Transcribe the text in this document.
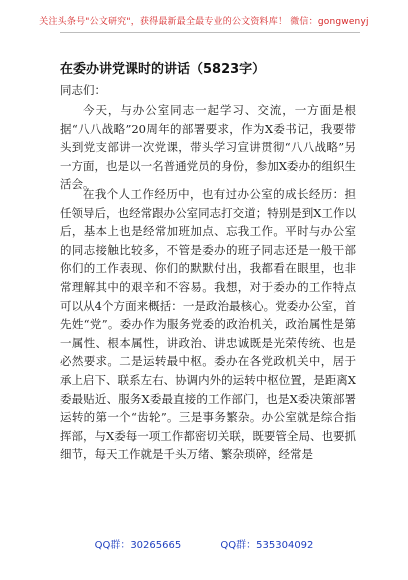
关注头条号"公文研究"，获得最新最全最专业的公文资料库！ 微信：gongwenyj
在委办讲党课时的讲话（5823字）
同志们：

今天，与办公室同志一起学习、交流，一方面是根据“八八战略”20周年的部署要求，作为X委书记，我要带头到党支部讲一次党课，带头学习宣讲贯彻“八八战略”另一方面，也是以一名普通党员的身份，参加X委办的组织生活会。

在我个人工作经历中，也有过办公室的成长经历：担任领导后，也经常跟办公室同志打交道；特别是到X工作以后，基本上也是经常加班加点、忘我工作。平时与办公室的同志接触比较多，不管是委办的班子同志还是一般干部你们的工作表现、你们的默默付出，我都看在眼里，也非常理解其中的艰辛和不容易。我想，对于委办的工作特点可以从4个方面来概括：一是政治最核心。党委办公室，首先姓“党”。委办作为服务党委的政治机关，政治属性是第一属性、根本属性，讲政治、讲忠诚既是光荣传统、也是必然要求。二是运转最中枢。委办在各党政机关中，居于承上启下、联系左右、协调内外的运转中枢位置，是距离X委最贴近、服务X委最直接的工作部门，也是X委决策部署运转的第一个“齿轮”。三是事务繁杂。办公室就是综合指挥部，与X委每一项工作都密切关联，既要管全局、也要抓细节，每天工作就是千头万绪、繁杂琐碎，经常是

QQ群：30265665	QQ群：535304092
